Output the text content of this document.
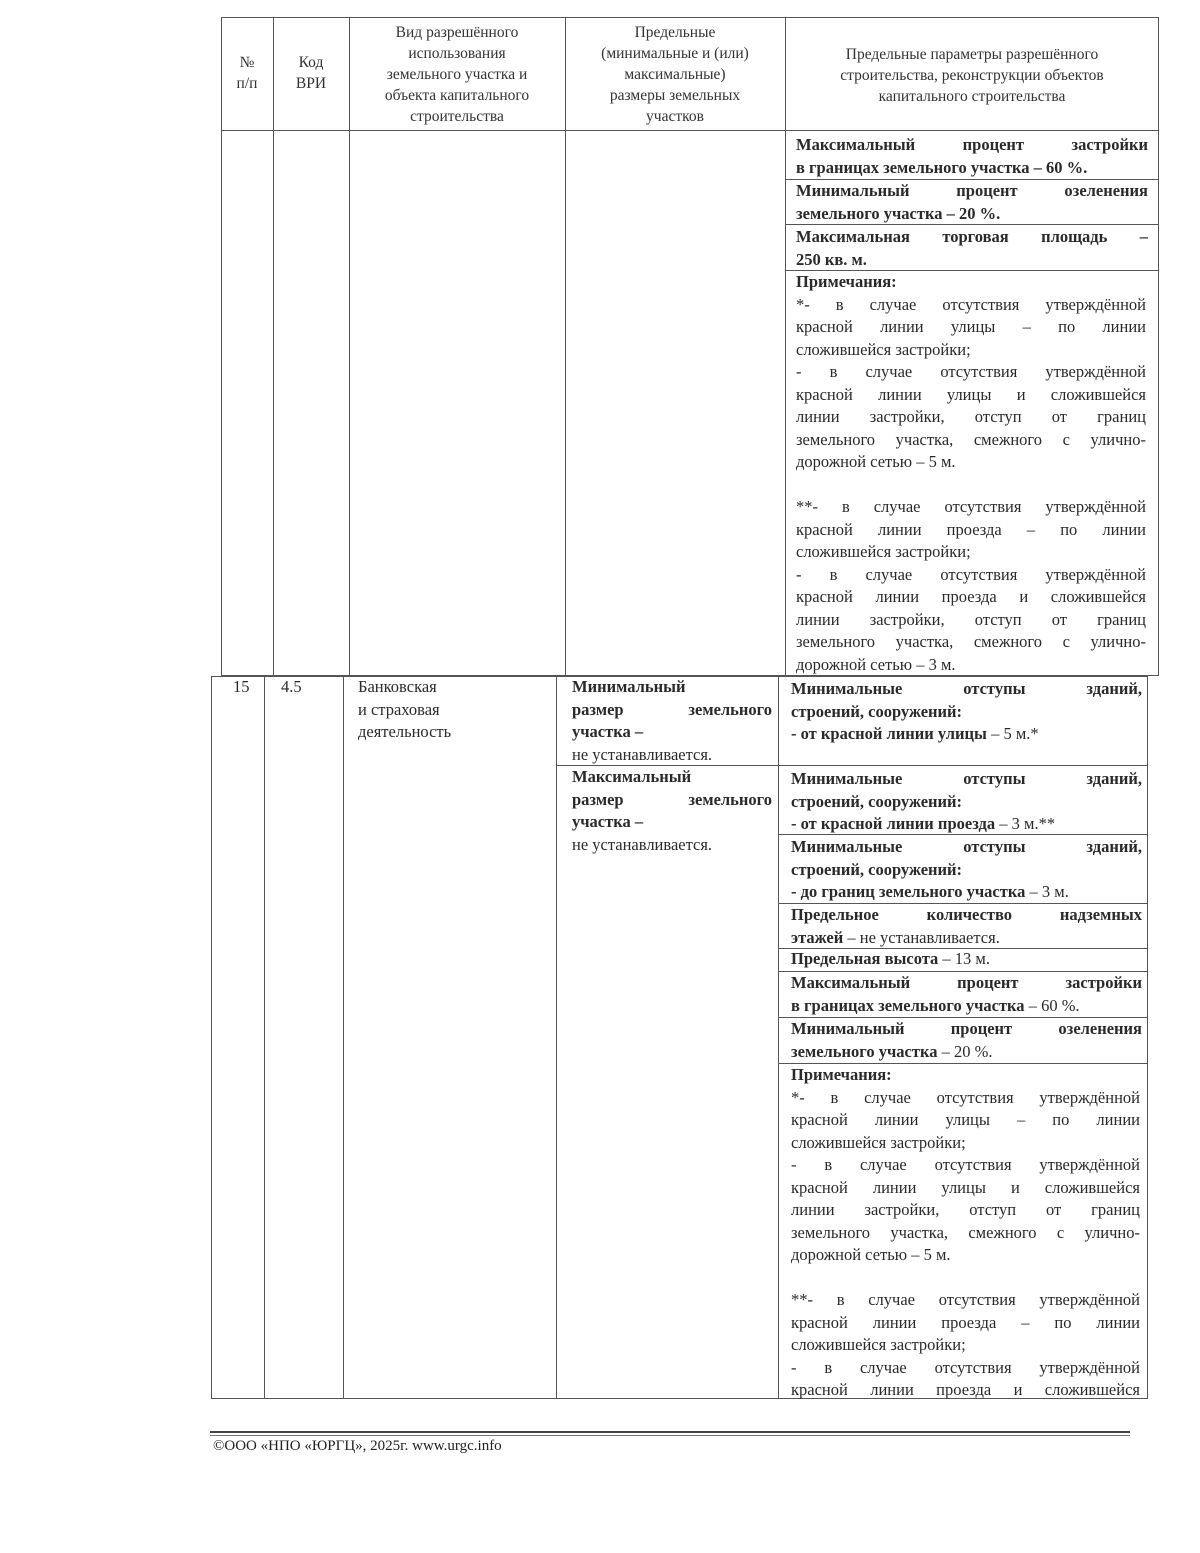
№
п/п
Код
ВРИ
Вид разрешённого
использования
земельного участка и
объекта капитального
строительства
Предельные
(минимальные и (или)
максимальные)
размеры земельных
участков
Предельные параметры разрешённого
строительства, реконструкции объектов
капитального строительства
Максимальный процент застройки
в границах земельного участка – 60 %.
Минимальный процент озеленения
земельного участка – 20 %.
Максимальная торговая площадь –
250 кв. м.
Примечания:
*- в случае отсутствия утверждённой
красной линии улицы – по линии
сложившейся застройки;
- в случае отсутствия утверждённой
красной линии улицы и сложившейся
линии застройки, отступ от границ
земельного участка, смежного с улично-
дорожной сетью – 5 м.
**- в случае отсутствия утверждённой
красной линии проезда – по линии
сложившейся застройки;
- в случае отсутствия утверждённой
красной линии проезда и сложившейся
линии застройки, отступ от границ
земельного участка, смежного с улично-
дорожной сетью – 3 м.
15 4.5	Банковская
и страховая
деятельность
Минимальный
размер земельного
участка –
не устанавливается.
Максимальный
размер земельного
участка –
не устанавливается.
Минимальные отступы зданий,
строений, сооружений:
- от красной линии улицы – 5 м.*
Минимальные отступы зданий,
строений, сооружений:
- от красной линии проезда – 3 м.**
Минимальные отступы зданий,
строений, сооружений:
- до границ земельного участка – 3 м.
Предельное количество надземных
этажей – не устанавливается.
Предельная высота – 13 м.
Максимальный процент застройки
в границах земельного участка – 60 %.
Минимальный процент озеленения
земельного участка – 20 %.
Примечания:
*- в случае отсутствия утверждённой
красной линии улицы – по линии
сложившейся застройки;
- в случае отсутствия утверждённой
красной линии улицы и сложившейся
линии застройки, отступ от границ
земельного участка, смежного с улично-
дорожной сетью – 5 м.
**- в случае отсутствия утверждённой
красной линии проезда – по линии
сложившейся застройки;
- в случае отсутствия утверждённой
красной линии проезда и сложившейся
©ООО «НПО «ЮРГЦ», 2025г. www.urgc.info
